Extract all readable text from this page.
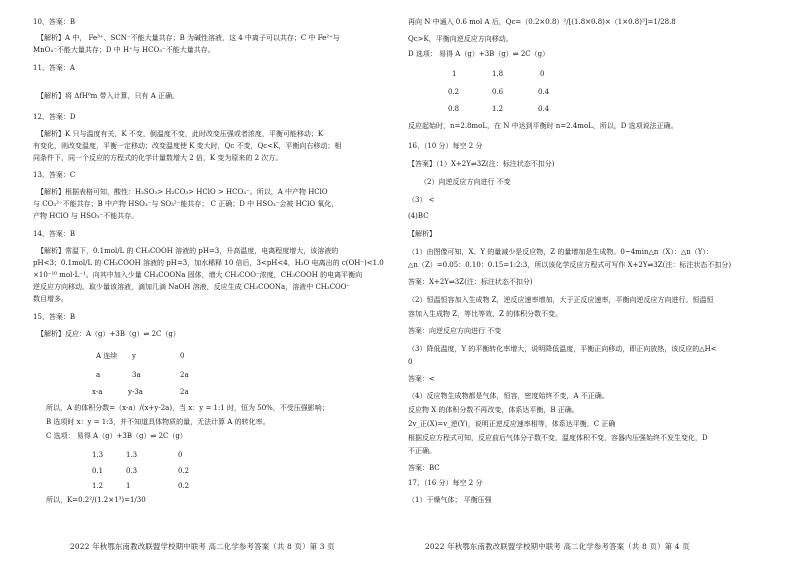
10、答案：B
【解析】A 中， Fe³⁺、SCN⁻不能大量共存；B 为碱性溶液，这 4 中离子可以共存；C 中 Fe²⁺与
MnO₄⁻不能大量共存；D 中 H⁺与 HCO₃⁻不能大量共存。
11、答案：A
【解析】将 ΔfHᶿm 带入计算，只有 A 正确。
12、答案：D
【解析】K 只与温度有关，K 不变，倒温度不变，此时改变压强或者浓度，平衡可能移动；K
有变化，则改变温度，平衡一定移动；改变温度使 K 变大时，Qc 不变，Qc<K，平衡向右移动；相
同条件下，同一个反应的方程式的化学计量数增大 2 倍，K 变为原来的 2 次方。
13、答案：C
【解析】根据表格可知，酸性：H₂SO₃> H₂CO₃> HClO > HCO₃⁻。所以，A 中产物 HClO
与 CO₃²⁻不能共存；B 中产物 HSO₃⁻与 SO₃²⁻能共存； C 正确；D 中 HSO₃⁻会被 HClO 氧化，
产物 HClO 与 HSO₃⁻不能共存。
14、答案：B
【解析】常温下，0.1mol/L 的 CH₃COOH 溶液的 pH=3，升高温度，电离程度增大，该溶液的
pH<3；0.1mol/L 的 CH₃COOH 溶液的 pH=3，加水稀释 10 倍后，3<pH<4，H₂O 电离出的 c(OH⁻)<1.0
×10⁻¹⁰ mol·L⁻¹。向其中加入少量 CH₃COONa 固体，增大 CH₃COO⁻浓度，CH₃COOH 的电离平衡向
逆反应方向移动。取少量该溶液，滴加几滴 NaOH 溶液，反应生成 CH₃COONa，溶液中 CH₃COO⁻
数目增多。
15、答案：B
【解析】反应：A（g）+3B（g）⇌ 2C（g）
A 连续 y	0
a	3a	2a
x-a	y-3a	2a
所以，A 的体积分数=（x-a）/(x+y-2a)，当 x：y = 1:1 时，恒为 50%，不受压强影响；
B 选项时 x：y = 1:3，并不知道具体物质的量，无法计算 A 的转化率。
C 选项： 易得 A（g）+3B（g）⇌ 2C（g）
1.3	1.3	0
0.1	0.3	0.2
1.2	1	0.2
所以，K=0.2²/(1.2×1³)=1/30
2022 年秋鄂东南教改联盟学校期中联考 高二化学参考答案（共 8 页）第 3 页
再向 N 中通入 0.6 mol A 后，Qc=（0.2×0.8）²/[(1.8×0.8)×（1×0.8)³]=1/28.8
Qc>K，平衡向逆反应方向移动。
D 选项： 易得 A（g）+3B（g）⇌ 2C（g）
1	1.8	0
0.2	0.6	0.4
0.8	1.2	0.4
反应起始时，n=2.8moL，在 N 中达到平衡时 n=2.4moL，所以，D 选项说法正确。
16、（10 分）每空 2 分
【答案】（1）X+2Y⇌3Z(注：标注状态不扣分)
（2）向逆反应方向进行 不变
（3） <
(4)BC
【解析】
（1）由图像可知，X、Y 的量减少是反应物，Z 的量增加是生成物。0~4min△n（X）：△n（Y）：
△n（Z）=0.05：0.10：0.15=1:2:3，所以该化学反应方程式可写作 X+2Y⇌3Z(注：标注状态不扣分)
答案：X+2Y⇌3Z(注：标注状态不扣分)
（2）恒温恒容加入生成物 Z，逆反应速率增加，大于正反应速率，平衡向逆反应方向进行。恒温恒
容加入生成物 Z，等比等效，Z 的体积分数不变。
答案：向逆反应方向进行 不变
（3）降低温度，Y 的平衡转化率增大，说明降低温度，平衡正向移动，即正向放热，该反应的△H<
0
答案：<
（4）反应物生成物都是气体，恒容，密度始终不变，A 不正确。
反应物 X 的体积分数不再改变，体系达平衡，B 正确。
2v_正(X)=v_逆(Y)，说明正逆反应速率相等，体系达平衡，C 正确
根据反应方程式可知，反应前后气体分子数不变，温度体积不变，容器内压强始终不发生变化，D
不正确。
答案：BC
17、（16 分）每空 2 分
（1）干燥气体； 平衡压强
2022 年秋鄂东南教改联盟学校期中联考 高二化学参考答案（共 8 页）第 4 页
